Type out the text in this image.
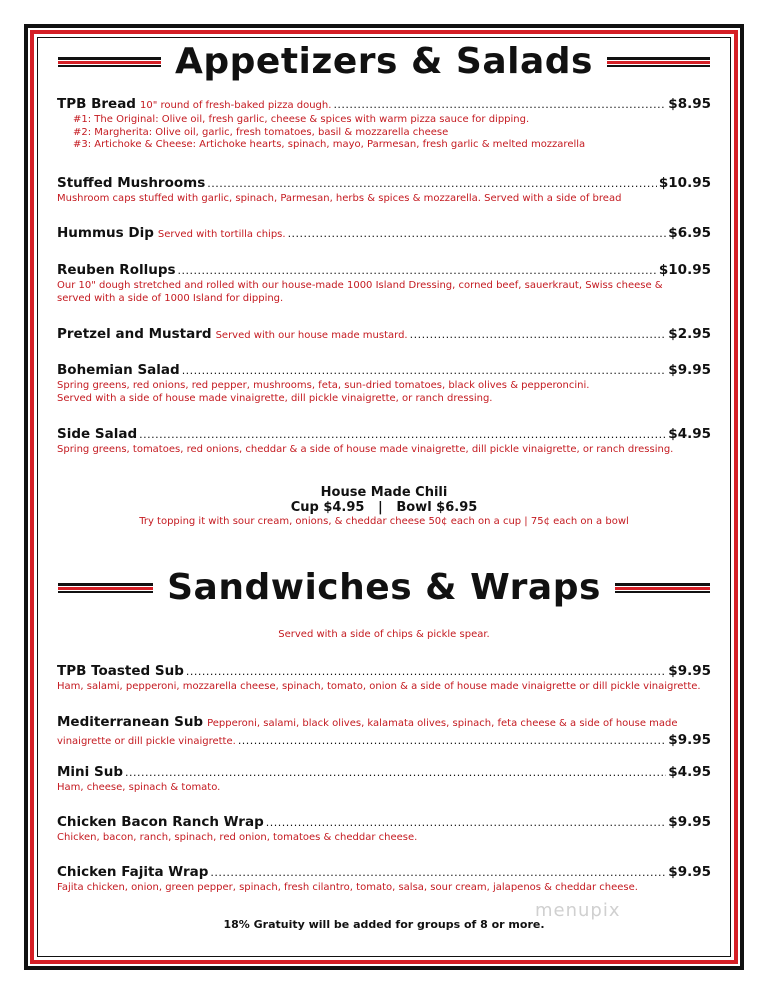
Appetizers & Salads
TPB Bread 10" round of fresh-baked pizza dough. .....	$8.95
#1: The Original: Olive oil, fresh garlic, cheese & spices with warm pizza sauce for dipping.
#2: Margherita: Olive oil, garlic, fresh tomatoes, basil & mozzarella cheese
#3: Artichoke & Cheese: Artichoke hearts, spinach, mayo, Parmesan, fresh garlic & melted mozzarella
Stuffed Mushrooms .....	$10.95
Mushroom caps stuffed with garlic, spinach, Parmesan, herbs & spices & mozzarella. Served with a side of bread
Hummus Dip Served with tortilla chips. .....	$6.95
Reuben Rollups .....	$10.95
Our 10" dough stretched and rolled with our house-made 1000 Island Dressing, corned beef, sauerkraut, Swiss cheese &
served with a side of 1000 Island for dipping.
Pretzel and Mustard Served with our house made mustard. .....	$2.95
Bohemian Salad .....	$9.95
Spring greens, red onions, red pepper, mushrooms, feta, sun-dried tomatoes, black olives & pepperoncini.
Served with a side of house made vinaigrette, dill pickle vinaigrette, or ranch dressing.
Side Salad .....	$4.95
Spring greens, tomatoes, red onions, cheddar & a side of house made vinaigrette, dill pickle vinaigrette, or ranch dressing.
House Made Chili
Cup $4.95 | Bowl $6.95
Try topping it with sour cream, onions, & cheddar cheese 50¢ each on a cup | 75¢ each on a bowl
Sandwiches & Wraps
Served with a side of chips & pickle spear.
TPB Toasted Sub .....	$9.95
Ham, salami, pepperoni, mozzarella cheese, spinach, tomato, onion & a side of house made vinaigrette or dill pickle vinaigrette.
Mediterranean Sub Pepperoni, salami, black olives, kalamata olives, spinach, feta cheese & a side of house made
vinaigrette or dill pickle vinaigrette. .....	$9.95
Mini Sub .....	$4.95
Ham, cheese, spinach & tomato.
Chicken Bacon Ranch Wrap .....	$9.95
Chicken, bacon, ranch, spinach, red onion, tomatoes & cheddar cheese.
Chicken Fajita Wrap .....	$9.95
Fajita chicken, onion, green pepper, spinach, fresh cilantro, tomato, salsa, sour cream, jalapenos & cheddar cheese.
menupix
18% Gratuity will be added for groups of 8 or more.
